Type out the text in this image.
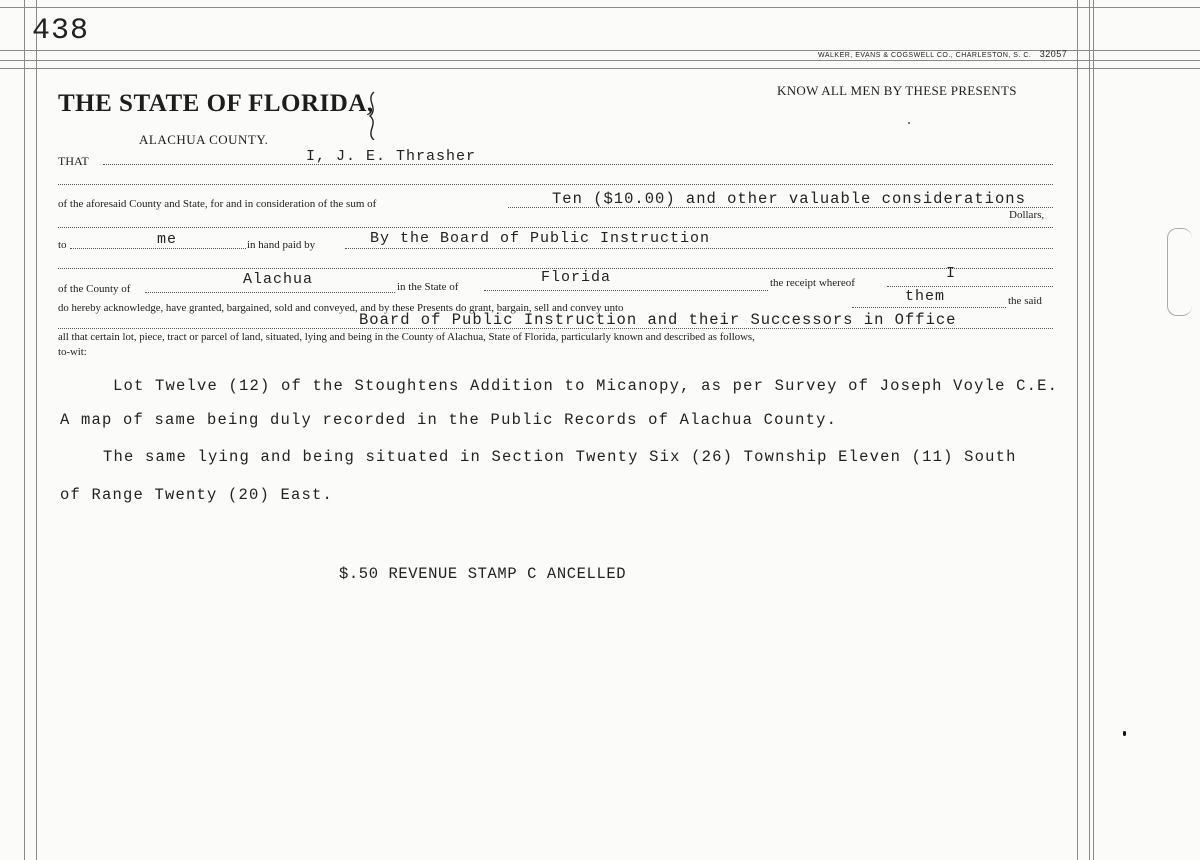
438
WALKER, EVANS & COGSWELL CO., CHARLESTON, S. C. 32057
THE STATE OF FLORIDA,
ALACHUA COUNTY.
KNOW ALL MEN BY THESE PRESENTS
THAT	I, J. E. Thrasher
of the aforesaid County and State, for and in consideration of the sum of	Ten ($10.00) and other valuable considerations
Dollars,
to	me	in hand paid by	By the Board of Public Instruction
of the County of
Alachua	in the State of
Florida	the receipt whereof
I
do hereby acknowledge, have granted, bargained, sold and conveyed, and by these Presents do grant, bargain, sell and convey unto
them	the said
Board of Public Instruction and their Successors in Office
all that certain lot, piece, tract or parcel of land, situated, lying and being in the County of Alachua, State of Florida, particularly known and described as follows,
to-wit:
Lot Twelve (12) of the Stoughtens Addition to Micanopy, as per Survey of Joseph Voyle C.E.
A map of same being duly recorded in the Public Records of Alachua County.
The same lying and being situated in Section Twenty Six (26) Township Eleven (11) South
of Range Twenty (20) East.
$.50 REVENUE STAMP C ANCELLED
